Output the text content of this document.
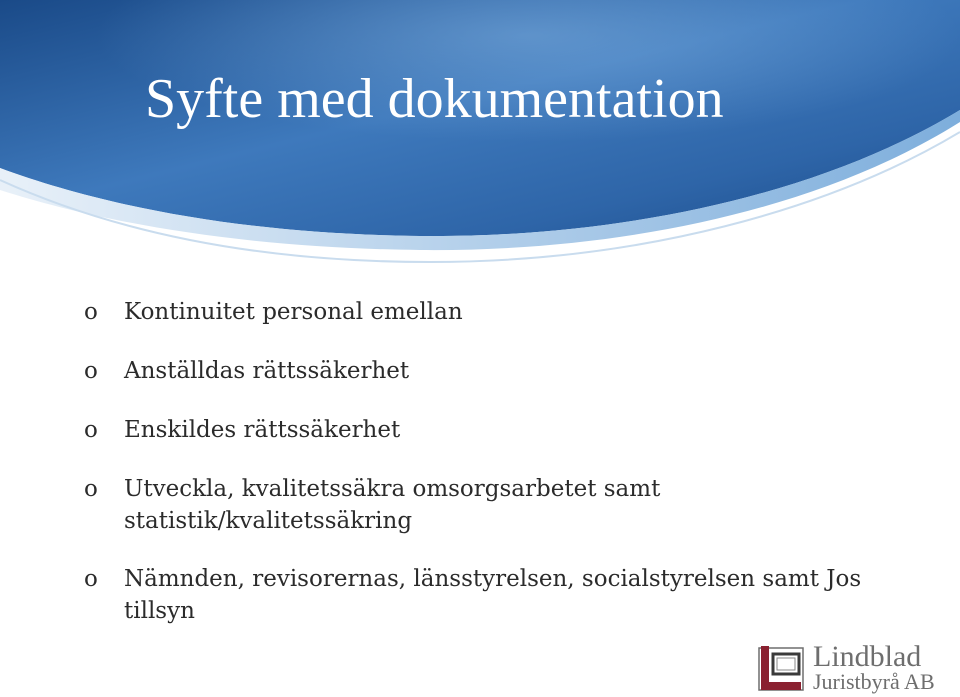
Syfte med dokumentation
o Kontinuitet personal emellan
o Anställdas rättssäkerhet
o Enskildes rättssäkerhet
o Utveckla, kvalitetssäkra omsorgsarbetet samt statistik/kvalitetssäkring
o Nämnden, revisorernas, länsstyrelsen, socialstyrelsen samt Jos tillsyn
Lindblad
Juristbyrå AB
